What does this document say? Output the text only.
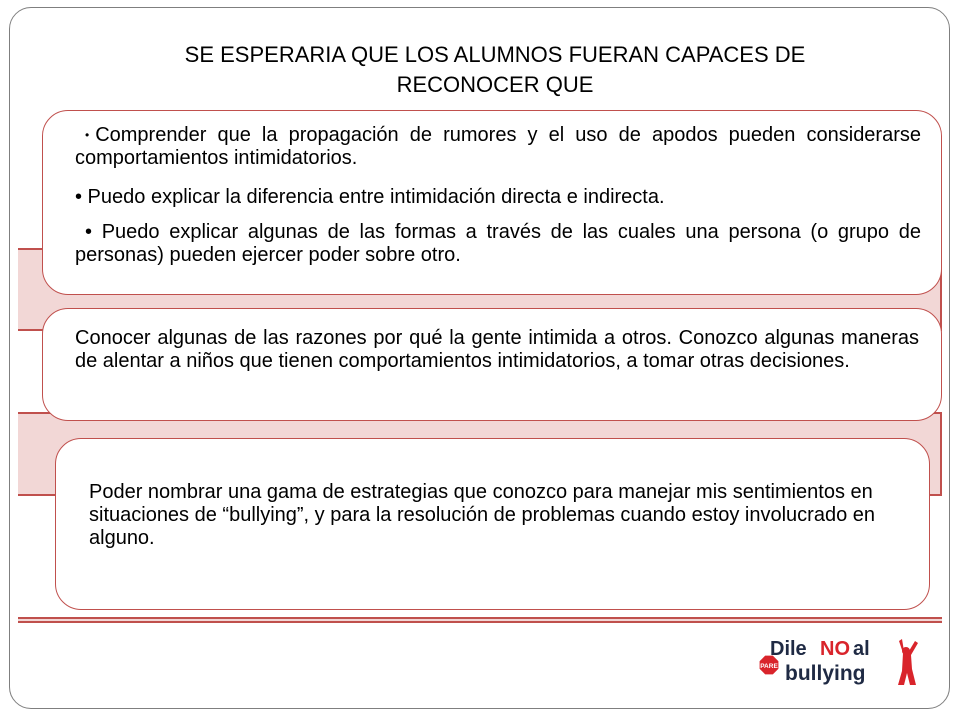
SE ESPERARIA QUE LOS ALUMNOS FUERAN CAPACES DE
RECONOCER QUE

• Comprender que la propagación de rumores y el uso de apodos pueden considerarse comportamientos intimidatorios.

• Puedo explicar la diferencia entre intimidación directa e indirecta.

• Puedo explicar algunas de las formas a través de las cuales una persona (o grupo de personas) pueden ejercer poder sobre otro.

Conocer algunas de las razones por qué la gente intimida a otros. Conozco algunas maneras de alentar a niños que tienen comportamientos intimidatorios, a tomar otras decisiones.

Poder nombrar una gama de estrategias que conozco para manejar mis sentimientos en situaciones de “bullying”, y para la resolución de problemas cuando estoy involucrado en alguno.

PARE
Dile NO al
bullying
